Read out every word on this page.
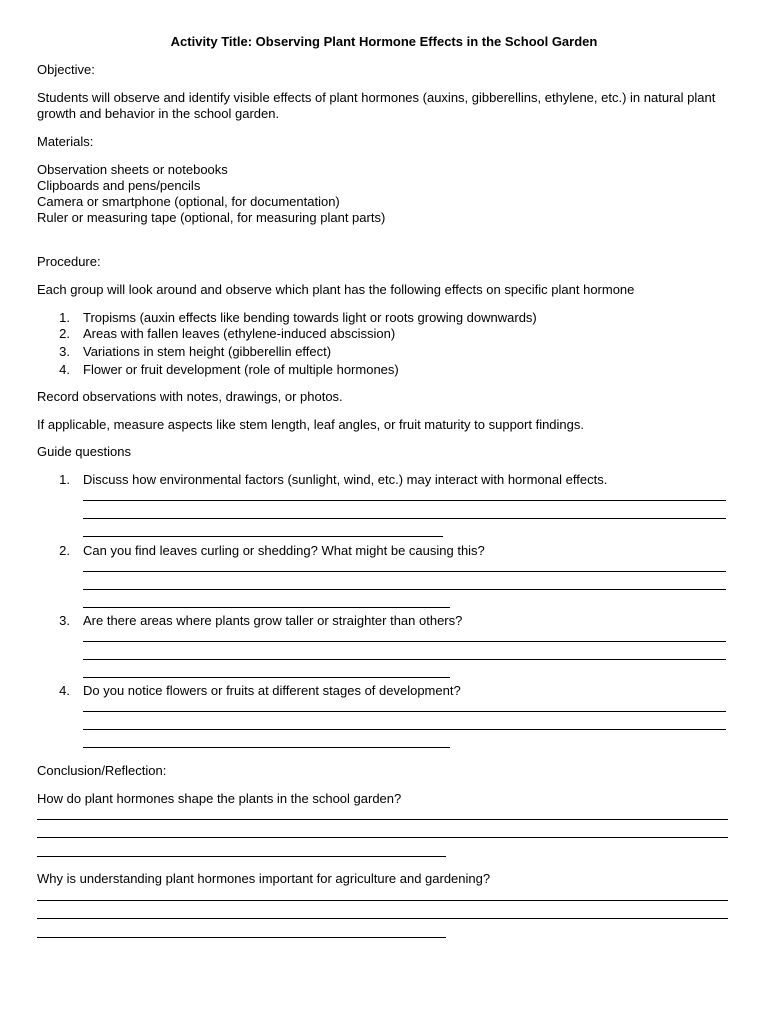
Activity Title: Observing Plant Hormone Effects in the School Garden

Objective:

Students will observe and identify visible effects of plant hormones (auxins, gibberellins, ethylene, etc.) in natural plant

growth and behavior in the school garden.

Materials:

Observation sheets or notebooks

Clipboards and pens/pencils

Camera or smartphone (optional, for documentation)

Ruler or measuring tape (optional, for measuring plant parts)

Procedure:

Each group will look around and observe which plant has the following effects on specific plant hormone

1. Tropisms (auxin effects like bending towards light or roots growing downwards)

2. Areas with fallen leaves (ethylene-induced abscission)

3. Variations in stem height (gibberellin effect)

4. Flower or fruit development (role of multiple hormones)

Record observations with notes, drawings, or photos.

If applicable, measure aspects like stem length, leaf angles, or fruit maturity to support findings.

Guide questions

1. Discuss how environmental factors (sunlight, wind, etc.) may interact with hormonal effects.

2. Can you find leaves curling or shedding? What might be causing this?

3. Are there areas where plants grow taller or straighter than others?

4. Do you notice flowers or fruits at different stages of development?

Conclusion/Reflection:

How do plant hormones shape the plants in the school garden?

Why is understanding plant hormones important for agriculture and gardening?
